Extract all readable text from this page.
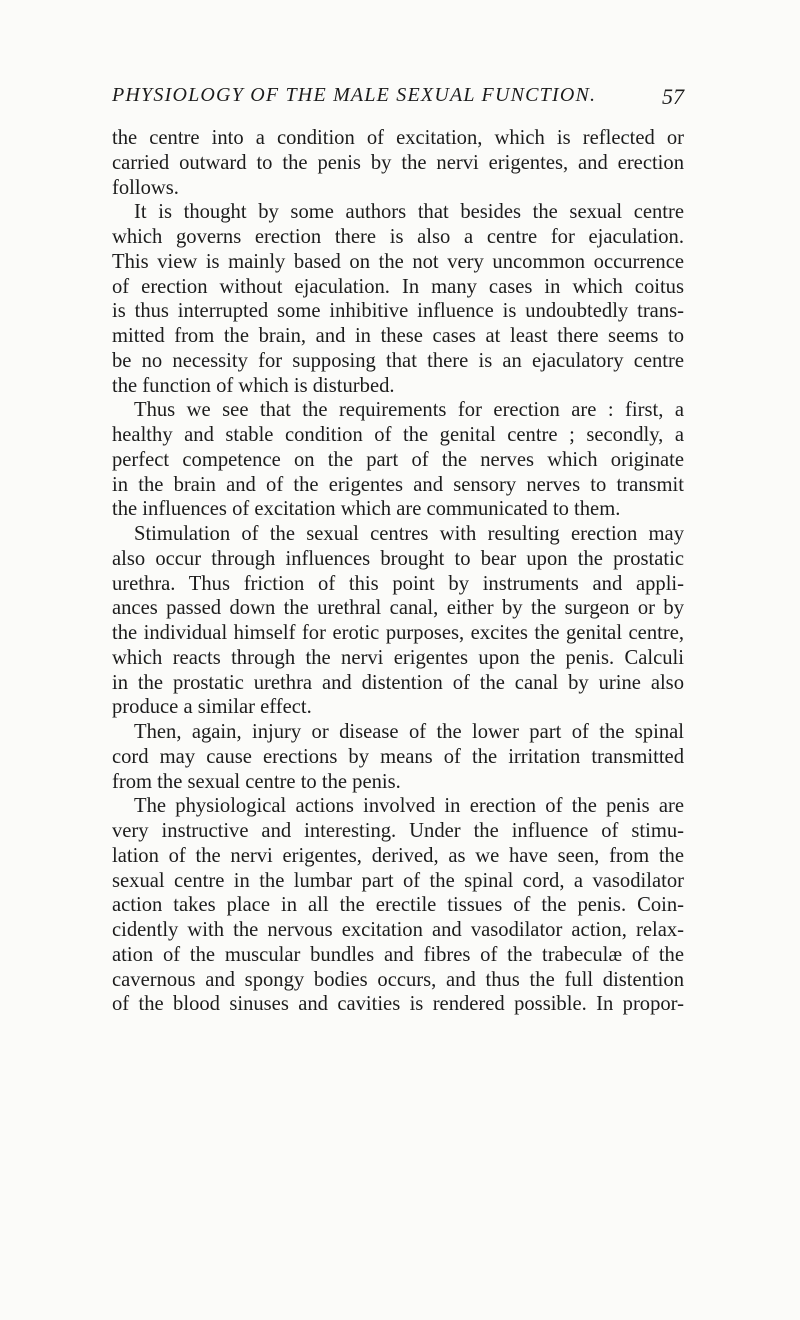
PHYSIOLOGY OF THE MALE SEXUAL FUNCTION.	57
the centre into a condition of excitation, which is reflected or
carried outward to the penis by the nervi erigentes, and erection
follows.
It is thought by some authors that besides the sexual centre
which governs erection there is also a centre for ejaculation.
This view is mainly based on the not very uncommon occurrence
of erection without ejaculation. In many cases in which coitus
is thus interrupted some inhibitive influence is undoubtedly trans-
mitted from the brain, and in these cases at least there seems to
be no necessity for supposing that there is an ejaculatory centre
the function of which is disturbed.
Thus we see that the requirements for erection are : first, a
healthy and stable condition of the genital centre ; secondly, a
perfect competence on the part of the nerves which originate
in the brain and of the erigentes and sensory nerves to transmit
the influences of excitation which are communicated to them.
Stimulation of the sexual centres with resulting erection may
also occur through influences brought to bear upon the prostatic
urethra. Thus friction of this point by instruments and appli-
ances passed down the urethral canal, either by the surgeon or by
the individual himself for erotic purposes, excites the genital centre,
which reacts through the nervi erigentes upon the penis. Calculi
in the prostatic urethra and distention of the canal by urine also
produce a similar effect.
Then, again, injury or disease of the lower part of the spinal
cord may cause erections by means of the irritation transmitted
from the sexual centre to the penis.
The physiological actions involved in erection of the penis are
very instructive and interesting. Under the influence of stimu-
lation of the nervi erigentes, derived, as we have seen, from the
sexual centre in the lumbar part of the spinal cord, a vasodilator
action takes place in all the erectile tissues of the penis. Coin-
cidently with the nervous excitation and vasodilator action, relax-
ation of the muscular bundles and fibres of the trabeculæ of the
cavernous and spongy bodies occurs, and thus the full distention
of the blood sinuses and cavities is rendered possible. In propor-
